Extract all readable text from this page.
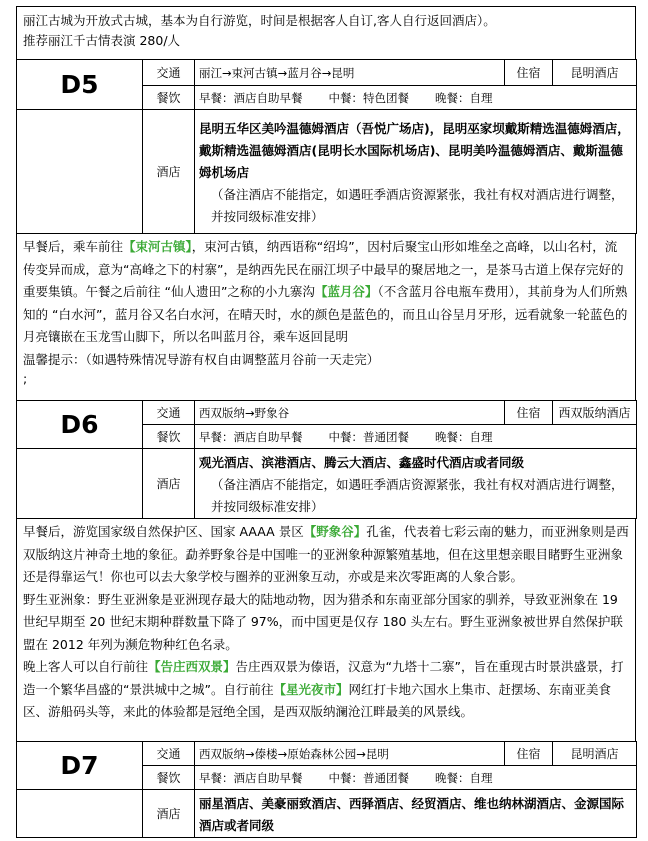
丽江古城为开放式古城，基本为自行游览，时间是根据客人自订,客人自行返回酒店）。
推荐丽江千古情表演 280/人
D5	交通	丽江→束河古镇→蓝月谷→昆明	住宿	昆明酒店
	餐饮	早餐：酒店自助早餐 中餐：特色团餐 晚餐：自理		
	酒店	昆明五华区美吟温德姆酒店（吾悦广场店)，昆明巫家坝戴斯精选温德姆酒店，戴斯精选温德姆酒店(昆明长水国际机场店)、昆明美吟温德姆酒店、戴斯温德姆机场店
（备注酒店不能指定，如遇旺季酒店资源紧张，我社有权对酒店进行调整，并按同级标准安排）		
早餐后，乘车前往【束河古镇】，束河古镇，纳西语称“绍坞”，因村后聚宝山形如堆垒之高峰，以山名村，流传变异而成，意为“高峰之下的村寨”，是纳西先民在丽江坝子中最早的聚居地之一，是茶马古道上保存完好的重要集镇。午餐之后前往 “仙人遗田”之称的小九寨沟【蓝月谷】（不含蓝月谷电瓶车费用），其前身为人们所熟知的 “白水河”，蓝月谷又名白水河，在晴天时，水的颜色是蓝色的，而且山谷呈月牙形，远看就象一轮蓝色的月亮镶嵌在玉龙雪山脚下，所以名叫蓝月谷，乘车返回昆明
温馨提示：（如遇特殊情况导游有权自由调整蓝月谷前一天走完）
;
D6	交通	西双版纳→野象谷	住宿	西双版纳酒店
	餐饮	早餐：酒店自助早餐 中餐：普通团餐 晚餐：自理		
	酒店	观光酒店、滨港酒店、腾云大酒店、鑫盛时代酒店或者同级
（备注酒店不能指定，如遇旺季酒店资源紧张，我社有权对酒店进行调整，并按同级标准安排）		
早餐后，游览国家级自然保护区、国家 AAAA 景区【野象谷】孔雀，代表着七彩云南的魅力，而亚洲象则是西双版纳这片神奇土地的象征。勐养野象谷是中国唯一的亚洲象种源繁殖基地，但在这里想亲眼目睹野生亚洲象还是得靠运气！你也可以去大象学校与圈养的亚洲象互动，亦或是来次零距离的人象合影。
野生亚洲象：野生亚洲象是亚洲现存最大的陆地动物，因为猎杀和东南亚部分国家的驯养，导致亚洲象在 19 世纪早期至 20 世纪末期种群数量下降了 97%，而中国更是仅存 180 头左右。野生亚洲象被世界自然保护联盟在 2012 年列为濒危物种红色名录。
晚上客人可以自行前往【告庄西双景】告庄西双景为傣语，汉意为“九塔十二寨”，旨在重现古时景洪盛景，打造一个繁华昌盛的“景洪城中之城”。自行前往【星光夜市】网红打卡地六国水上集市、赶摆场、东南亚美食区、游船码头等，来此的体验都是冠绝全国，是西双版纳澜沧江畔最美的风景线。
D7	交通	西双版纳→傣楼→原始森林公园→昆明	住宿	昆明酒店
	餐饮	早餐：酒店自助早餐 中餐：普通团餐 晚餐：自理		
	酒店	丽星酒店、美豪丽致酒店、西驿酒店、经贸酒店、维也纳林湖酒店、金源国际酒店或者同级		
